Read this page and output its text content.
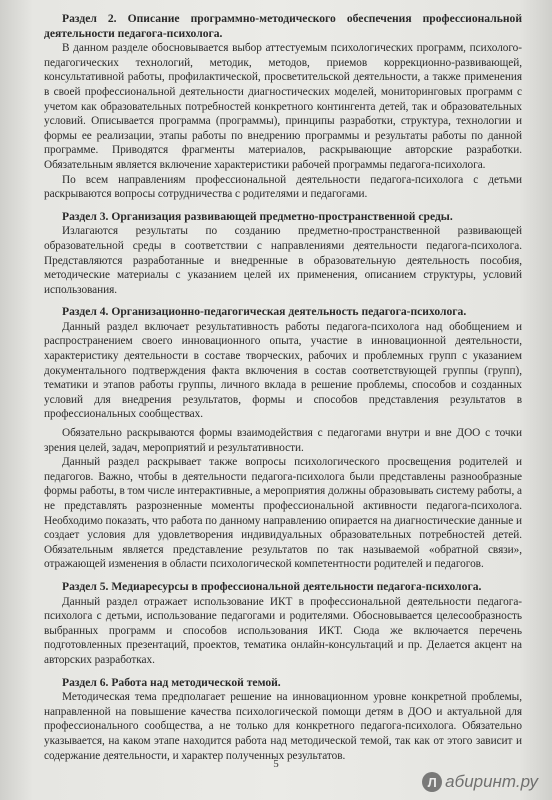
Раздел 2. Описание программно-методического обеспечения профессиональной деятельности педагога-психолога.

В данном разделе обосновывается выбор аттестуемым психологических программ, психолого-педагогических технологий, методик, методов, приемов коррекционно-развивающей, консультативной работы, профилактической, просветительской деятельности, а также применения в своей профессиональной деятельности диагностических моделей, мониторинговых программ с учетом как образовательных потребностей конкретного контингента детей, так и образовательных условий. Описывается программа (программы), принципы разработки, структура, технологии и формы ее реализации, этапы работы по внедрению программы и результаты работы по данной программе. Приводятся фрагменты материалов, раскрывающие авторские разработки. Обязательным является включение характеристики рабочей программы педагога-психолога.

По всем направлениям профессиональной деятельности педагога-психолога с детьми раскрываются вопросы сотрудничества с родителями и педагогами.

Раздел 3. Организация развивающей предметно-пространственной среды.

Излагаются результаты по созданию предметно-пространственной развивающей образовательной среды в соответствии с направлениями деятельности педагога-психолога. Представляются разработанные и внедренные в образовательную деятельность пособия, методические материалы с указанием целей их применения, описанием структуры, условий использования.

Раздел 4. Организационно-педагогическая деятельность педагога-психолога.

Данный раздел включает результативность работы педагога-психолога над обобщением и распространением своего инновационного опыта, участие в инновационной деятельности, характеристику деятельности в составе творческих, рабочих и проблемных групп с указанием документального подтверждения факта включения в состав соответствующей группы (групп), тематики и этапов работы группы, личного вклада в решение проблемы, способов и созданных условий для внедрения результатов, формы и способов представления результатов в профессиональных сообществах.

Обязательно раскрываются формы взаимодействия с педагогами внутри и вне ДОО с точки зрения целей, задач, мероприятий и результативности.

Данный раздел раскрывает также вопросы психологического просвещения родителей и педагогов. Важно, чтобы в деятельности педагога-психолога были представлены разнообразные формы работы, в том числе интерактивные, а мероприятия должны образовывать систему работы, а не представлять разрозненные моменты профессиональной активности педагога-психолога. Необходимо показать, что работа по данному направлению опирается на диагностические данные и создает условия для удовлетворения индивидуальных образовательных потребностей детей. Обязательным является представление результатов по так называемой «обратной связи», отражающей изменения в области психологической компетентности родителей и педагогов.

Раздел 5. Медиаресурсы в профессиональной деятельности педагога-психолога.

Данный раздел отражает использование ИКТ в профессиональной деятельности педагога-психолога с детьми, использование педагогами и родителями. Обосновывается целесообразность выбранных программ и способов использования ИКТ. Сюда же включается перечень подготовленных презентаций, проектов, тематика онлайн-консультаций и пр. Делается акцент на авторских разработках.

Раздел 6. Работа над методической темой.

Методическая тема предполагает решение на инновационном уровне конкретной проблемы, направленной на повышение качества психологической помощи детям в ДОО и актуальной для профессионального сообщества, а не только для конкретного педагога-психолога. Обязательно указывается, на каком этапе находится работа над методической темой, так как от этого зависит и содержание деятельности, и характер полученных результатов.

5
Л абиринт.ру
